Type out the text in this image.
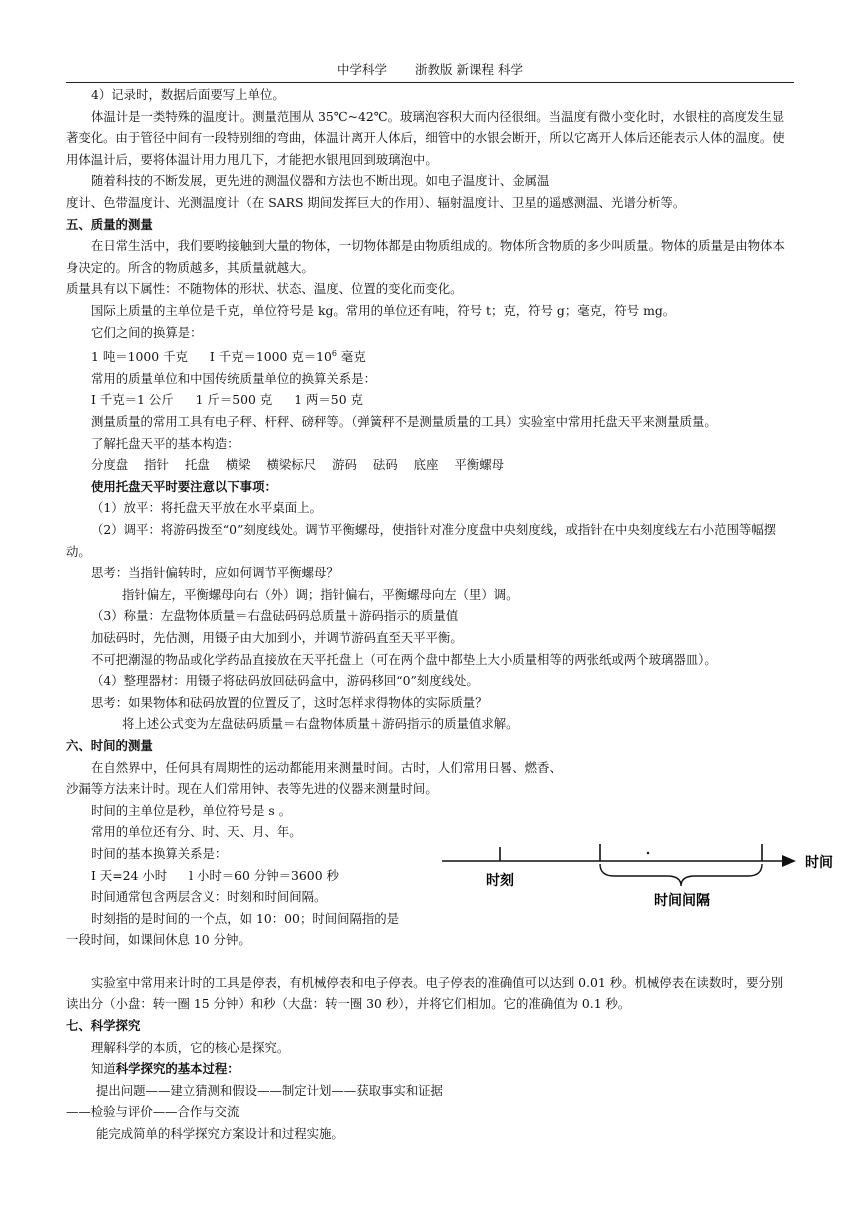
中学科学 浙教版 新课程 科学

4）记录时，数据后面要写上单位。

体温计是一类特殊的温度计。测量范围从 35℃~42℃。玻璃泡容积大而内径很细。当温度有微小变化时，水银柱的高度发生显著变化。由于管径中间有一段特别细的弯曲，体温计离开人体后，细管中的水银会断开，所以它离开人体后还能表示人体的温度。使用体温计后，要将体温计用力甩几下，才能把水银甩回到玻璃泡中。

随着科技的不断发展，更先进的测温仪器和方法也不断出现。如电子温度计、金属温

度计、色带温度计、光测温度计（在 SARS 期间发挥巨大的作用）、辐射温度计、卫星的遥感测温、光谱分析等。

五、质量的测量

在日常生活中，我们要哟接触到大量的物体，一切物体都是由物质组成的。物体所含物质的多少叫质量。物体的质量是由物体本身决定的。所含的物质越多，其质量就越大。

质量具有以下属性：不随物体的形状、状态、温度、位置的变化而变化。

国际上质量的主单位是千克，单位符号是 kg。常用的单位还有吨，符号 t；克，符号 g；毫克，符号 mg。

它们之间的换算是：

1 吨＝1000 千克 I 千克＝1000 克$=10^6$ 毫克

常用的质量单位和中国传统质量单位的换算关系是：

I 千克＝1 公斤 1 斤＝500 克 1 两＝50 克

测量质量的常用工具有电子秤、杆秤、磅秤等。（弹簧秤不是测量质量的工具）实验室中常用托盘天平来测量质量。

了解托盘天平的基本构造：

分度盘 指针 托盘 横梁 横梁标尺 游码 砝码 底座 平衡螺母

使用托盘天平时要注意以下事项：

（1）放平：将托盘天平放在水平桌面上。

（2）调平：将游码拨至“0”刻度线处。调节平衡螺母，使指针对准分度盘中央刻度线，或指针在中央刻度线左右小范围等幅摆动。

思考：当指针偏转时，应如何调节平衡螺母？

指针偏左，平衡螺母向右（外）调；指针偏右，平衡螺母向左（里）调。

（3）称量：左盘物体质量＝右盘砝码码总质量＋游码指示的质量值

加砝码时，先估测，用镊子由大加到小，并调节游码直至天平平衡。

不可把潮湿的物品或化学药品直接放在天平托盘上（可在两个盘中都垫上大小质量相等的两张纸或两个玻璃器皿）。

（4）整理器材：用镊子将砝码放回砝码盒中，游码移回“0”刻度线处。

思考：如果物体和砝码放置的位置反了，这时怎样求得物体的实际质量？

将上述公式变为左盘砝码质量＝右盘物体质量＋游码指示的质量值求解。

六、时间的测量

在自然界中，任何具有周期性的运动都能用来测量时间。古时，人们常用日晷、燃香、

沙漏等方法来计时。现在人们常用钟、表等先进的仪器来测量时间。

时间的主单位是秒，单位符号是 s 。

常用的单位还有分、时、天、月、年。

时间的基本换算关系是：

I 天=24 小时 l 小时＝60 分钟＝3600 秒

时间通常包含两层含义：时刻和时间间隔。

时刻指的是时间的一个点，如 10：00；时间间隔指的是

一段时间，如课间休息 10 分钟。

实验室中常用来计时的工具是停表，有机械停表和电子停表。电子停表的准确值可以达到 0.01 秒。机械停表在读数时，要分别读出分（小盘：转一圈 15 分钟）和秒（大盘：转一圈 30 秒），并将它们相加。它的准确值为 0.1 秒。

七、科学探究

理解科学的本质，它的核心是探究。

知道科学探究的基本过程：

提出问题——建立猜测和假设——制定计划——获取事实和证据

——检验与评价——合作与交流

能完成简单的科学探究方案设计和过程实施。

时刻
时间间隔
时间
